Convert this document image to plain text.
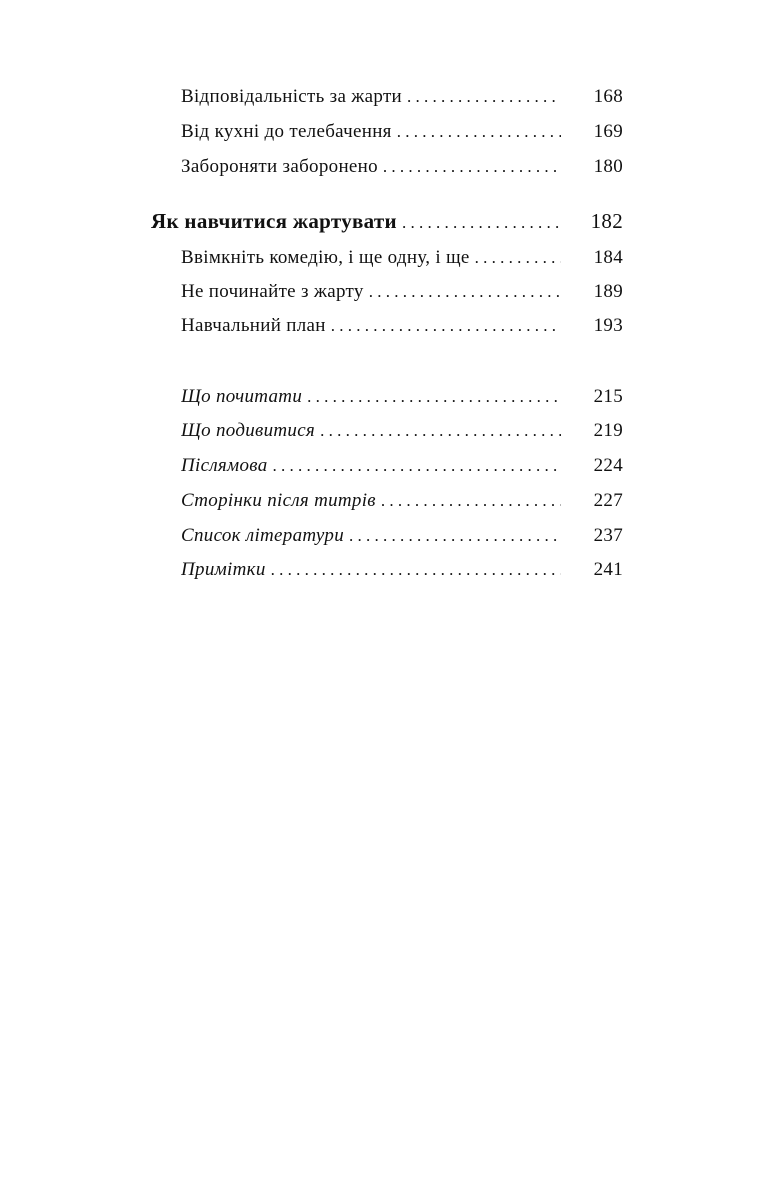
Відповідальність за жарти . . .	168
Від кухні до телебачення . . .	169
Забороняти заборонено . . .	180
Як навчитися жартувати . . .	182
Ввімкніть комедію, і ще одну, і ще . . .	184
Не починайте з жарту . . .	189
Навчальний план . . .	193
Що почитати . . .	215
Що подивитися . . .	219
Післямова . . .	224
Сторінки після титрів . . .	227
Список літератури . . .	237
Примітки . . .	241
